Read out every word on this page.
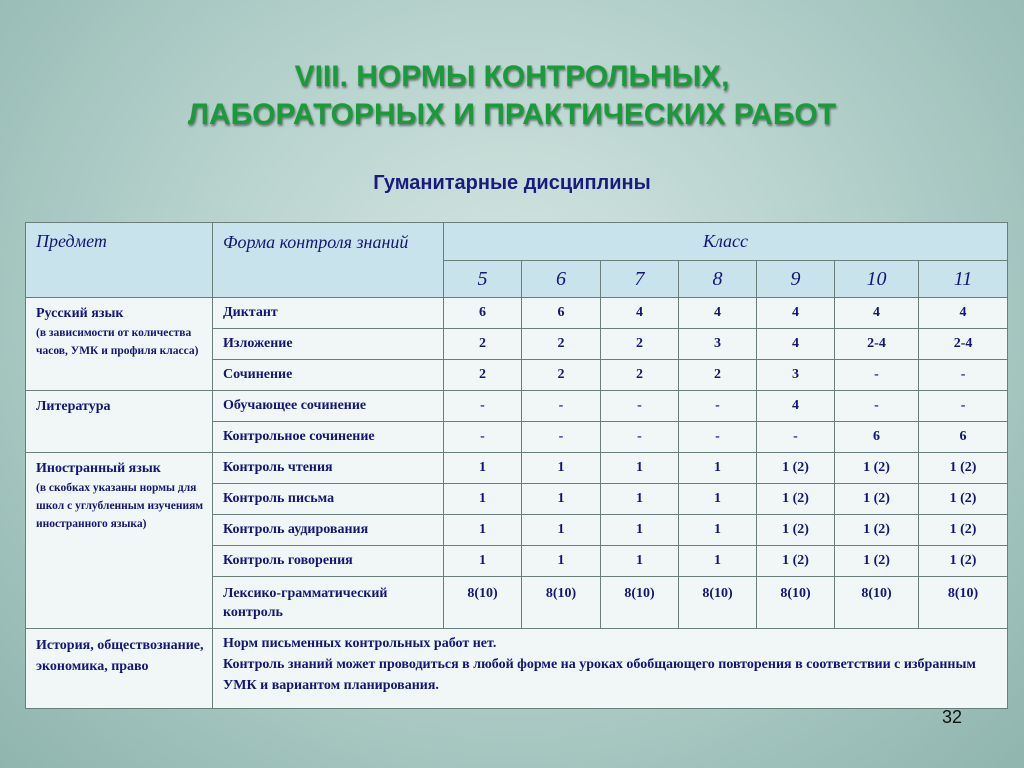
VIII. НОРМЫ КОНТРОЛЬНЫХ,
ЛАБОРАТОРНЫХ И ПРАКТИЧЕСКИХ РАБОТ
Гуманитарные дисциплины
Предмет	Форма контроля знаний	Класс						
		5	6	7	8	9	10	11
Русский язык
(в зависимости от количества часов, УМК и профиля класса)	Диктант	6	6	4	4	4	4	4
	Изложение	2	2	2	3	4	2-4	2-4
	Сочинение	2	2	2	2	3	-	-
Литература	Обучающее сочинение	-	-	-	-	4	-	-
	Контрольное сочинение	-	-	-	-	-	6	6
Иностранный язык
(в скобках указаны нормы для школ с углубленным изучениям иностранного языка)	Контроль чтения	1	1	1	1	1 (2)	1 (2)	1 (2)
	Контроль письма	1	1	1	1	1 (2)	1 (2)	1 (2)
	Контроль аудирования	1	1	1	1	1 (2)	1 (2)	1 (2)
	Контроль говорения	1	1	1	1	1 (2)	1 (2)	1 (2)
	Лексико-грамматический контроль	8(10)	8(10)	8(10)	8(10)	8(10)	8(10)	8(10)
История, обществознание, экономика, право	Норм письменных контрольных работ нет.
Контроль знаний может проводиться в любой форме на уроках обобщающего повторения в соответствии с избранным УМК и вариантом планирования.							
32
